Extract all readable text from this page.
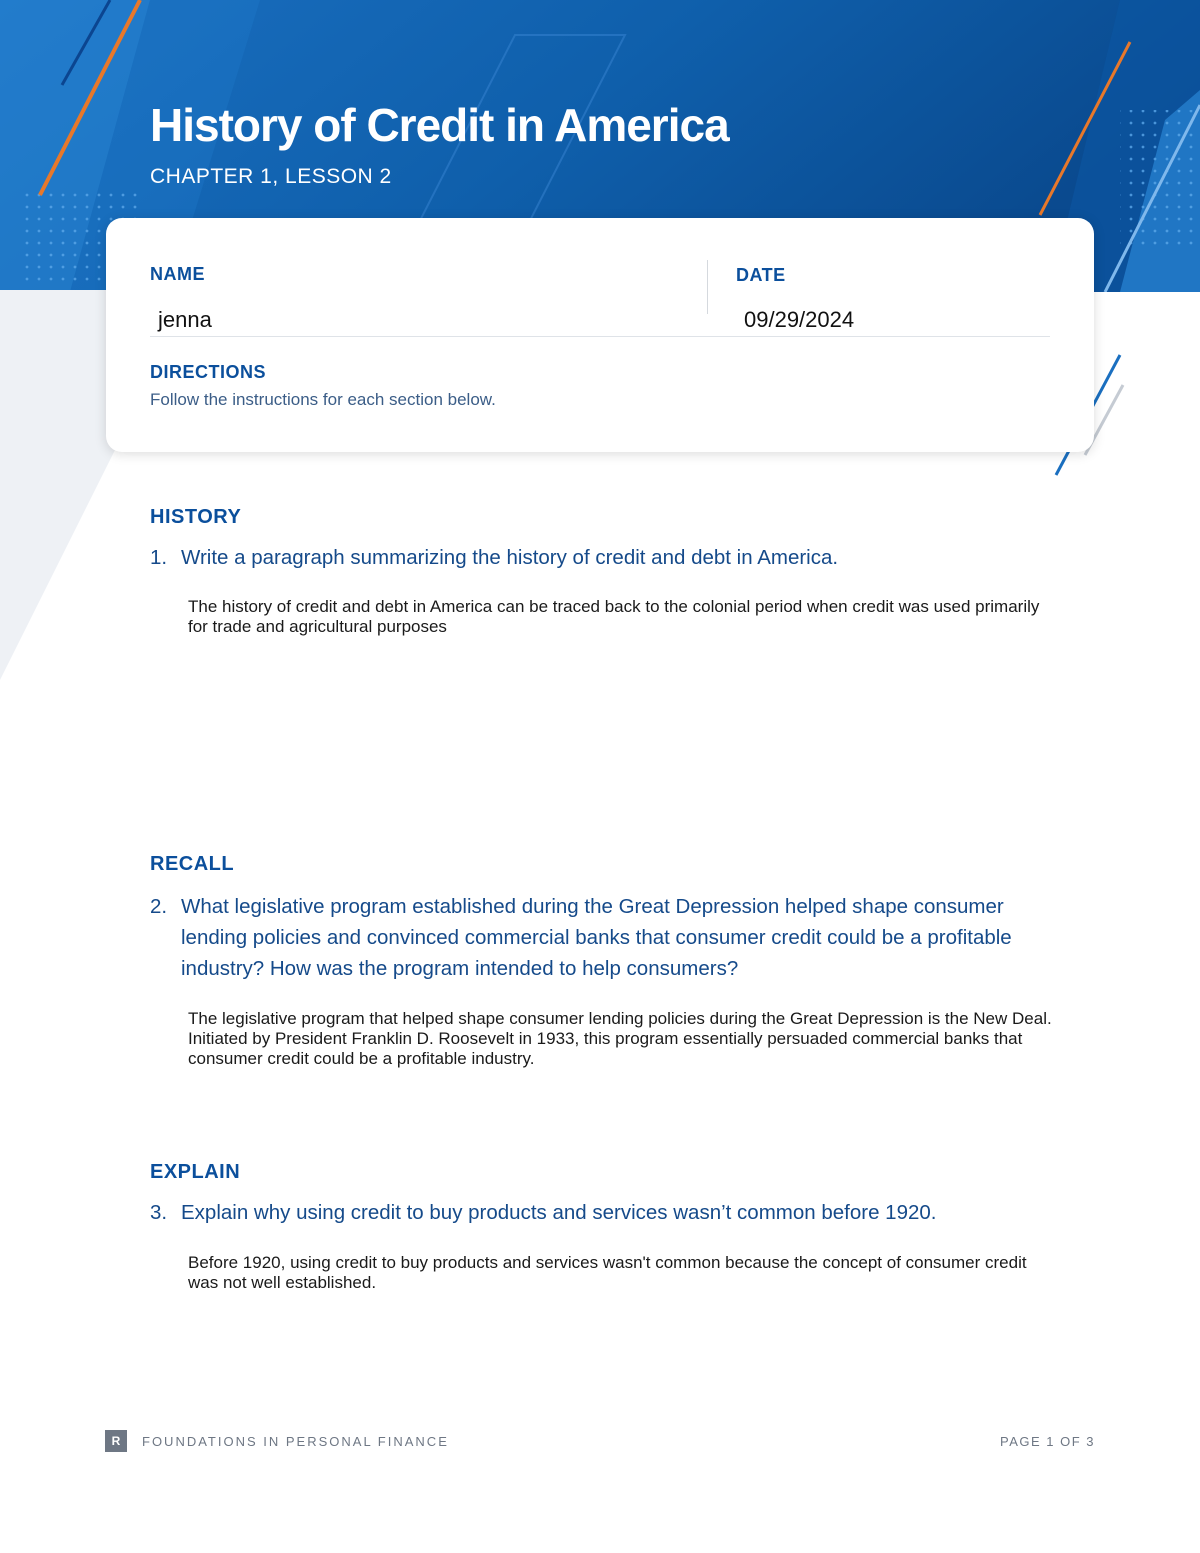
History of Credit in America
CHAPTER 1, LESSON 2
NAME
jenna
DATE
09/29/2024
DIRECTIONS
Follow the instructions for each section below.
HISTORY
1. Write a paragraph summarizing the history of credit and debt in America.

The history of credit and debt in America can be traced back to the colonial period when credit was used primarily for trade and agricultural purposes

RECALL
2. What legislative program established during the Great Depression helped shape consumer lending policies and convinced commercial banks that consumer credit could be a profitable industry? How was the program intended to help consumers?

The legislative program that helped shape consumer lending policies during the Great Depression is the New Deal. Initiated by President Franklin D. Roosevelt in 1933, this program essentially persuaded commercial banks that consumer credit could be a profitable industry.

EXPLAIN
3. Explain why using credit to buy products and services wasn’t common before 1920.

Before 1920, using credit to buy products and services wasn't common because the concept of consumer credit was not well established.

R	FOUNDATIONS IN PERSONAL FINANCE	PAGE 1 OF 3
